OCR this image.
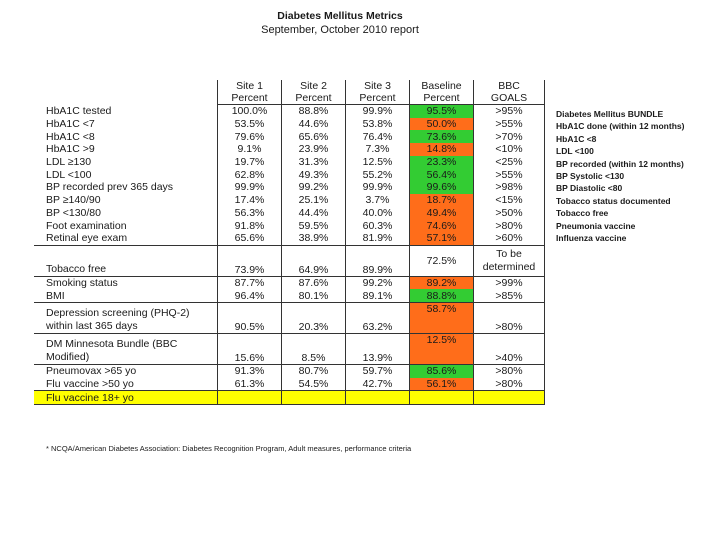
Diabetes Mellitus Metrics
September, October 2010 report
	Site 1	Site 2	Site 3	Baseline	BBC
	Percent	Percent	Percent	Percent	GOALS
HbA1C tested	100.0%	88.8%	99.9%	95.5%	>95%
HbA1C <7	53.5%	44.6%	53.8%	50.0%	>55%
HbA1C <8	79.6%	65.6%	76.4%	73.6%	>70%
HbA1C >9	9.1%	23.9%	7.3%	14.8%	<10%
LDL ≥130	19.7%	31.3%	12.5%	23.3%	<25%
LDL <100	62.8%	49.3%	55.2%	56.4%	>55%
BP recorded prev 365 days	99.9%	99.2%	99.9%	99.6%	>98%
BP ≥140/90	17.4%	25.1%	3.7%	18.7%	<15%
BP <130/80	56.3%	44.4%	40.0%	49.4%	>50%
Foot examination	91.8%	59.5%	60.3%	74.6%	>80%
Retinal eye exam	65.6%	38.9%	81.9%	57.1%	>60%
Tobacco free	73.9%	64.9%	89.9%	72.5%	To be
determined

Smoking status	87.7%	87.6%	99.2%	89.2%	>99%
BMI	96.4%	80.1%	89.1%	88.8%	>85%

Depression screening (PHQ-2)
within last 365 days	90.5%	20.3%	63.2%	58.7%	>80%

DM Minnesota Bundle (BBC
Modified)	15.6%	8.5%	13.9%	12.5%	>40%
Pneumovax >65 yo	91.3%	80.7%	59.7%	85.6%	>80%
Flu vaccine >50 yo	61.3%	54.5%	42.7%	56.1%	>80%
Flu vaccine 18+ yo					
* NCQA/American Diabetes Association: Diabetes Recognition Program, Adult measures, performance criteria
Diabetes Mellitus BUNDLE
HbA1C done (within 12 months)
HbA1C <8
LDL <100
BP recorded (within 12 months)
BP Systolic <130
BP Diastolic <80
Tobacco status documented
Tobacco free
Pneumonia vaccine
Influenza vaccine
